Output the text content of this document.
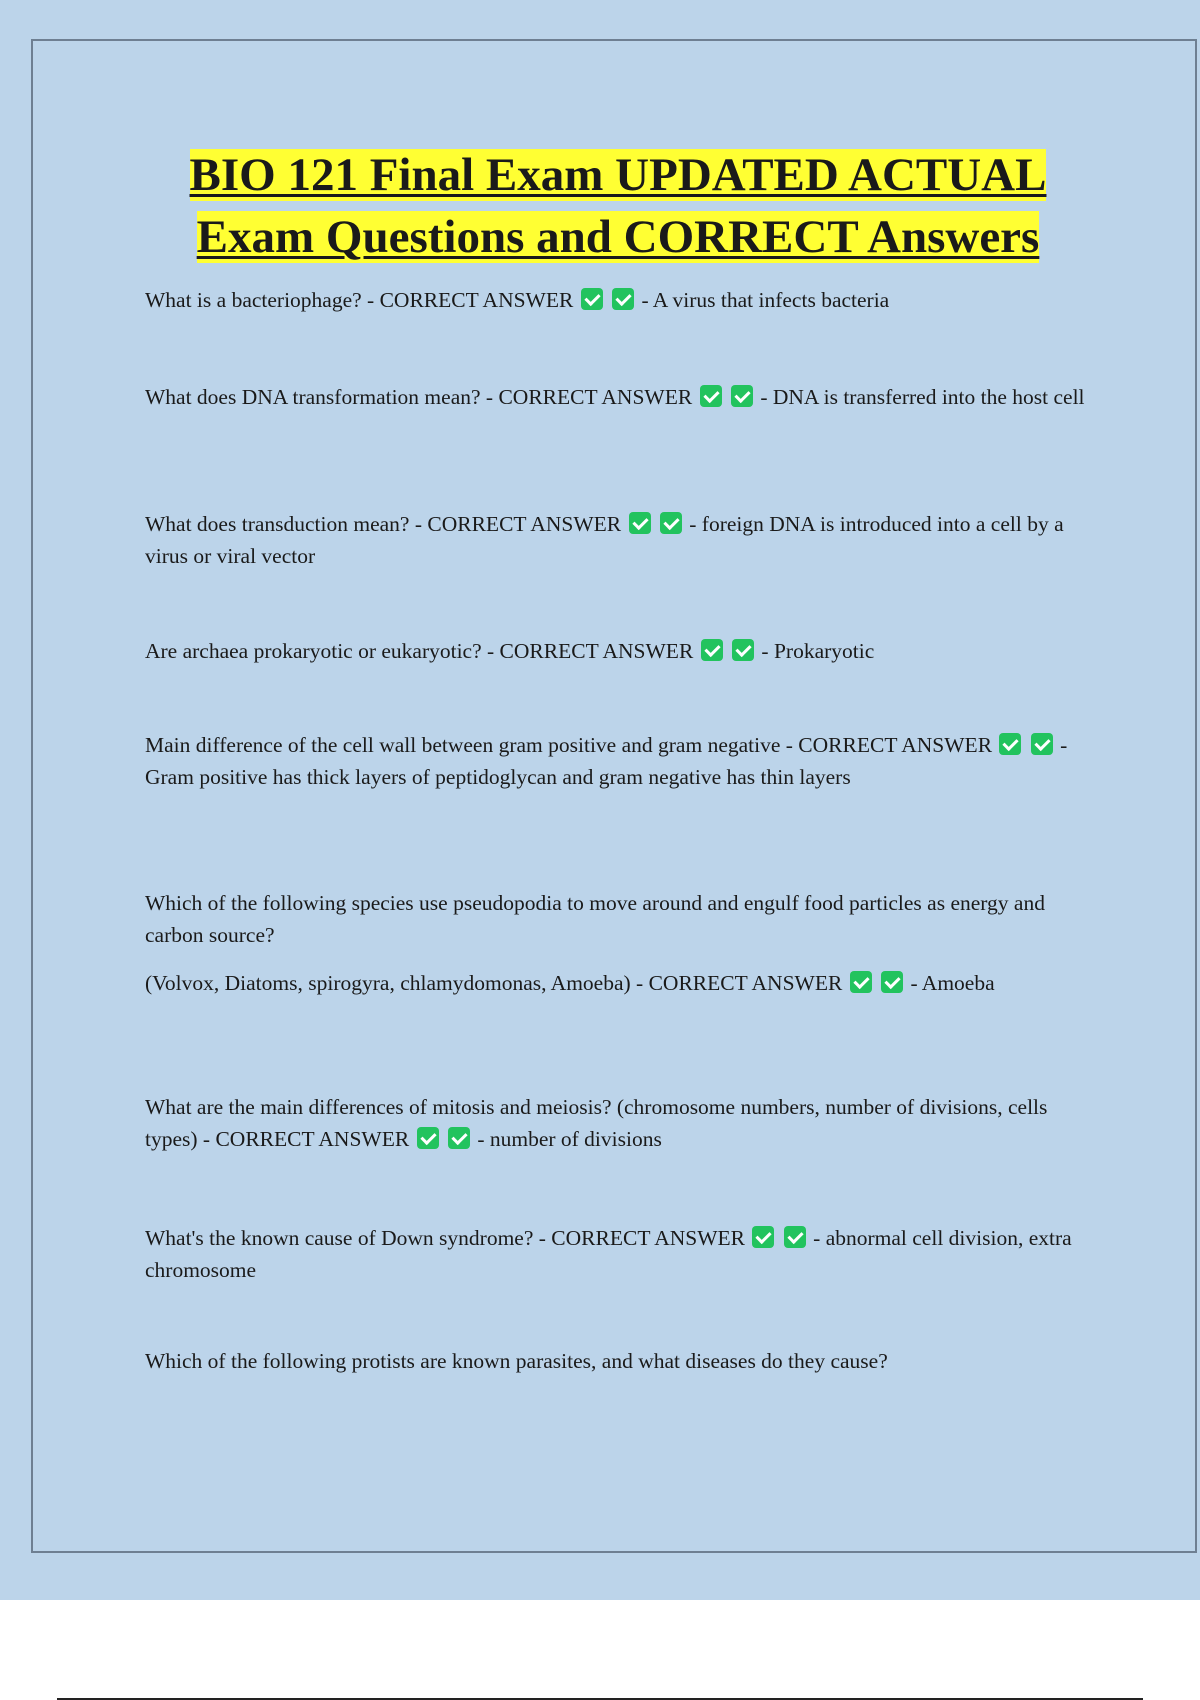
BIO 121 Final Exam UPDATED ACTUAL
Exam Questions and CORRECT Answers

What is a bacteriophage? - CORRECT ANSWER	- A virus that infects bacteria

What does DNA transformation mean? - CORRECT ANSWER	- DNA is transferred into the host cell

What does transduction mean? - CORRECT ANSWER	- foreign DNA is introduced into a cell by a virus or viral vector

Are archaea prokaryotic or eukaryotic? - CORRECT ANSWER	- Prokaryotic

Main difference of the cell wall between gram positive and gram negative - CORRECT ANSWER	- Gram positive has thick layers of peptidoglycan and gram negative has thin layers

Which of the following species use pseudopodia to move around and engulf food particles as energy and carbon source?

(Volvox, Diatoms, spirogyra, chlamydomonas, Amoeba) - CORRECT ANSWER	- Amoeba

What are the main differences of mitosis and meiosis? (chromosome numbers, number of divisions, cells types) - CORRECT ANSWER	- number of divisions

What's the known cause of Down syndrome? - CORRECT ANSWER	- abnormal cell division, extra chromosome

Which of the following protists are known parasites, and what diseases do they cause?
